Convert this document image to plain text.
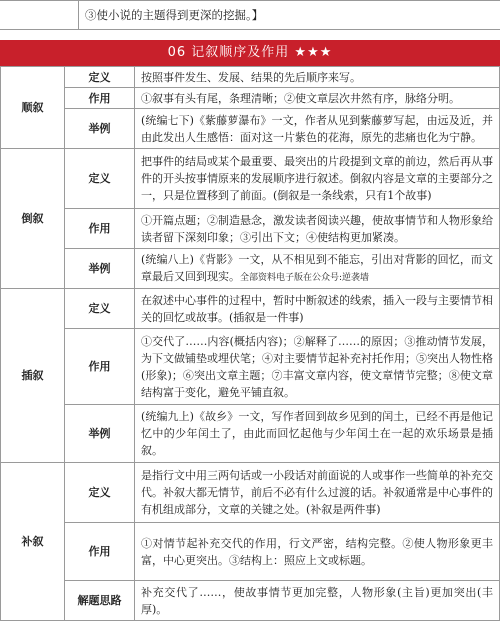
③使小说的主题得到更深的挖掘。】
06 记叙顺序及作用 ★★★
顺叙	定义	按照事件发生、发展、结果的先后顺序来写。
	作用	①叙事有头有尾，条理清晰；②使文章层次井然有序，脉络分明。
	举例	(统编七下)《紫藤萝瀑布》一文，作者从见到紫藤萝写起，由远及近，并由此发出人生感悟：面对这一片紫色的花海，原先的悲痛也化为宁静。
倒叙	定义	把事件的结局或某个最重要、最突出的片段提到文章的前边，然后再从事件的开头按事情原来的发展顺序进行叙述。倒叙内容是文章的主要部分之一，只是位置移到了前面。(倒叙是一条线索，只有1个故事)
	作用	①开篇点题；②制造悬念，激发读者阅读兴趣，使故事情节和人物形象给读者留下深刻印象；③引出下文；④使结构更加紧凑。
	举例	(统编八上)《背影》一文，从不相见到不能忘，引出对背影的回忆，而文章最后又回到现实。全部资料电子版在公众号:逆袭墙
插叙	定义	在叙述中心事件的过程中，暂时中断叙述的线索，插入一段与主要情节相关的回忆或故事。(插叙是一件事)
	作用	①交代了……内容(概括内容)；②解释了……的原因；③推动情节发展，为下文做铺垫或埋伏笔；④对主要情节起补充衬托作用；⑤突出人物性格(形象)；⑥突出文章主题；⑦丰富文章内容，使文章情节完整；⑧使文章结构富于变化，避免平铺直叙。
	举例	(统编九上)《故乡》一文，写作者回到故乡见到的闰土，已经不再是他记忆中的少年闰土了，由此而回忆起他与少年闰土在一起的欢乐场景是插叙。
补叙	定义	是指行文中用三两句话或一小段话对前面说的人或事作一些简单的补充交代。补叙大都无情节，前后不必有什么过渡的话。补叙通常是中心事件的有机组成部分，文章的关键之处。(补叙是两件事)
	作用	①对情节起补充交代的作用，行文严密，结构完整。②使人物形象更丰富，中心更突出。③结构上：照应上文或标题。
	解题思路	补充交代了……，使故事情节更加完整，人物形象(主旨)更加突出(丰厚)。
